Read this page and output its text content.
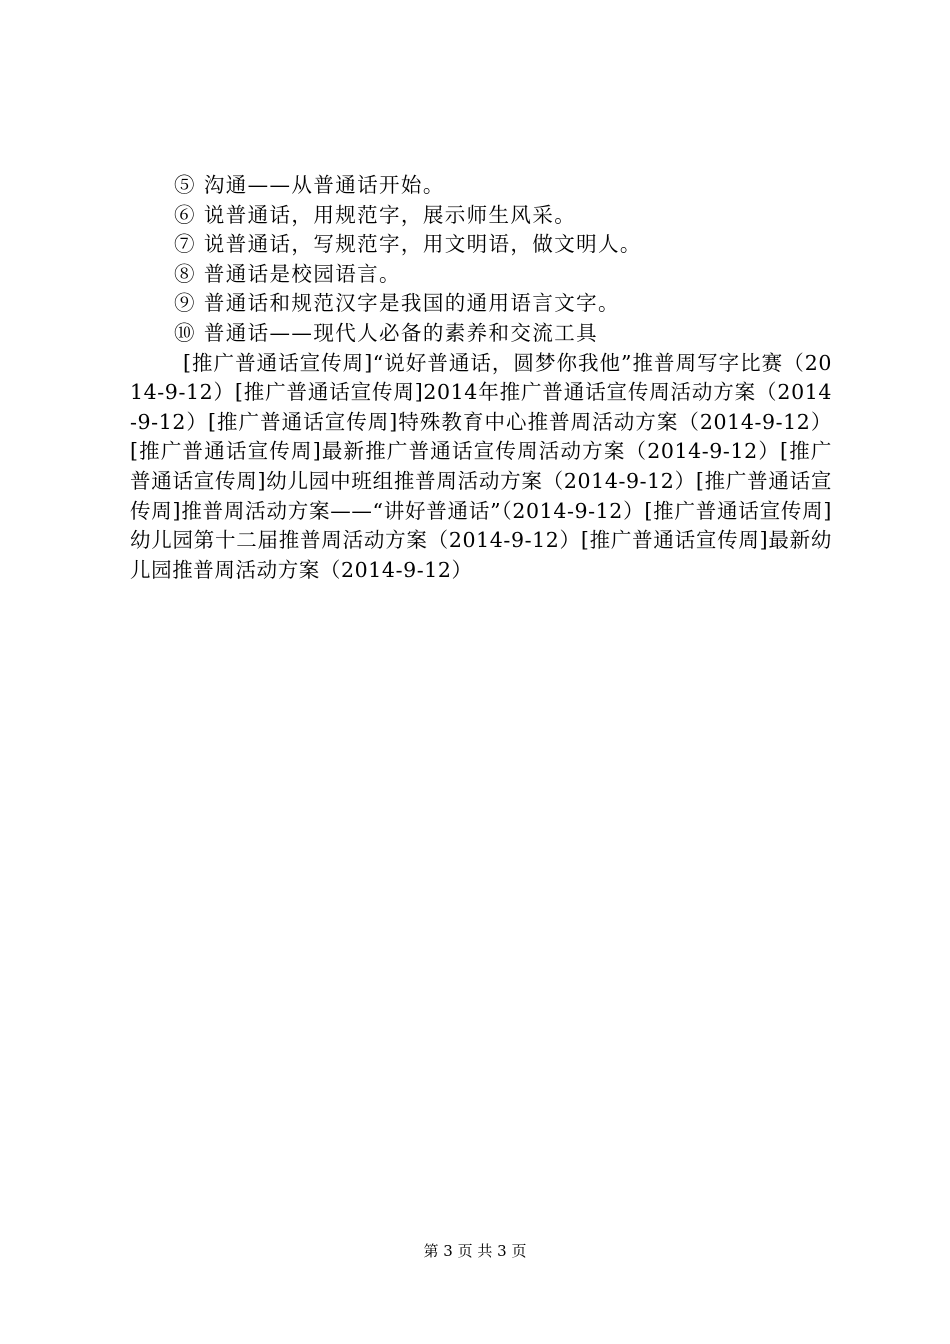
⑤ 沟通——从普通话开始。
⑥ 说普通话，用规范字，展示师生风采。
⑦ 说普通话，写规范字，用文明语，做文明人。
⑧ 普通话是校园语言。
⑨ 普通话和规范汉字是我国的通用语言文字。
⑩ 普通话——现代人必备的素养和交流工具

[推广普通话宣传周]“说好普通话，圆梦你我他”推普周写字比赛（2014-9-12）[推广普通话宣传周]2014年推广普通话宣传周活动方案（2014-9-12）[推广普通话宣传周]特殊教育中心推普周活动方案（2014-9-12）[推广普通话宣传周]最新推广普通话宣传周活动方案（2014-9-12）[推广普通话宣传周]幼儿园中班组推普周活动方案（2014-9-12）[推广普通话宣传周]推普周活动方案——“讲好普通话”（2014-9-12）[推广普通话宣传周]幼儿园第十二届推普周活动方案（2014-9-12）[推广普通话宣传周]最新幼儿园推普周活动方案（2014-9-12）

第 3 页 共 3 页
